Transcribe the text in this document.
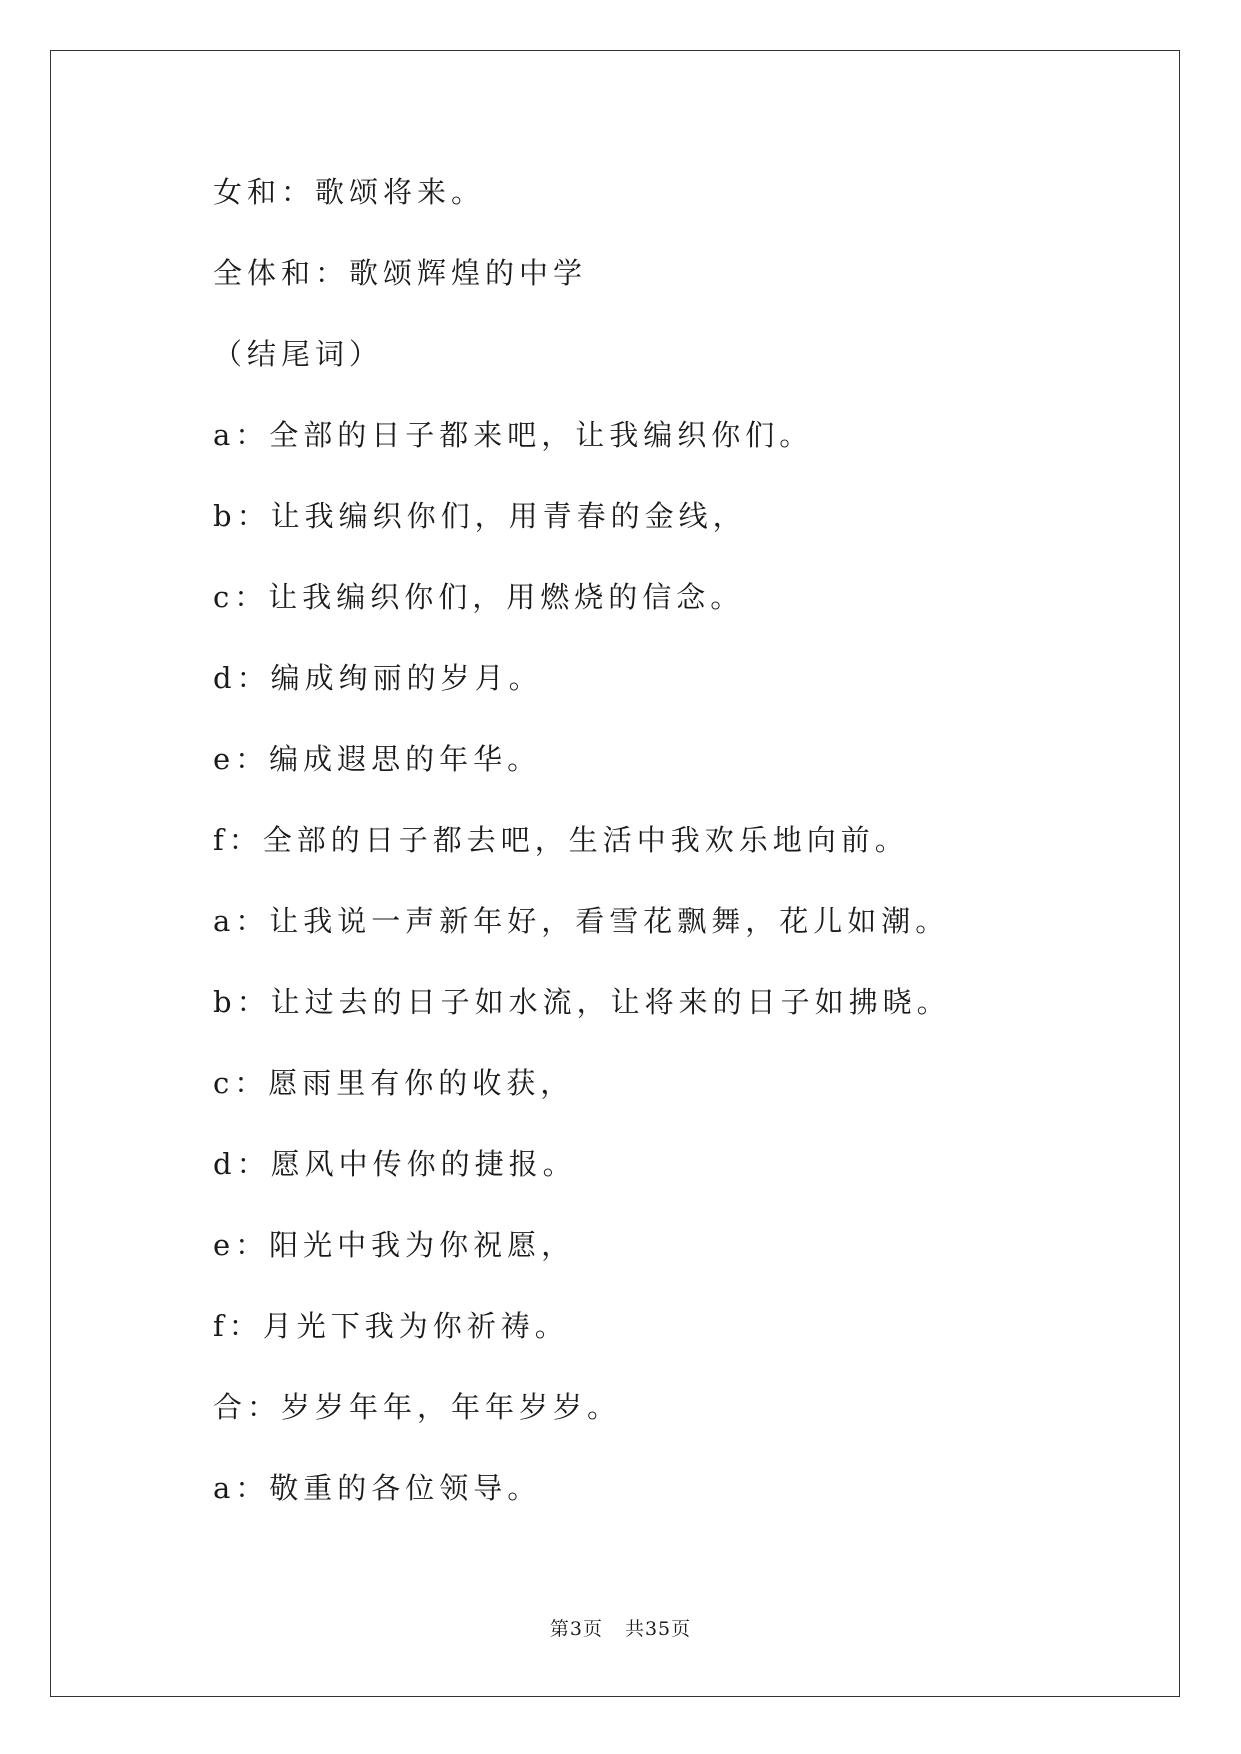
女和：歌颂将来。
全体和：歌颂辉煌的中学
（结尾词）
a：全部的日子都来吧，让我编织你们。
b：让我编织你们，用青春的金线，
c：让我编织你们，用燃烧的信念。
d：编成绚丽的岁月。
e：编成遐思的年华。
f：全部的日子都去吧，生活中我欢乐地向前。
a：让我说一声新年好，看雪花飘舞，花儿如潮。
b：让过去的日子如水流，让将来的日子如拂晓。
c：愿雨里有你的收获，
d：愿风中传你的捷报。
e：阳光中我为你祝愿，
f：月光下我为你祈祷。
合：岁岁年年，年年岁岁。
a：敬重的各位领导。
第3页 共35页
